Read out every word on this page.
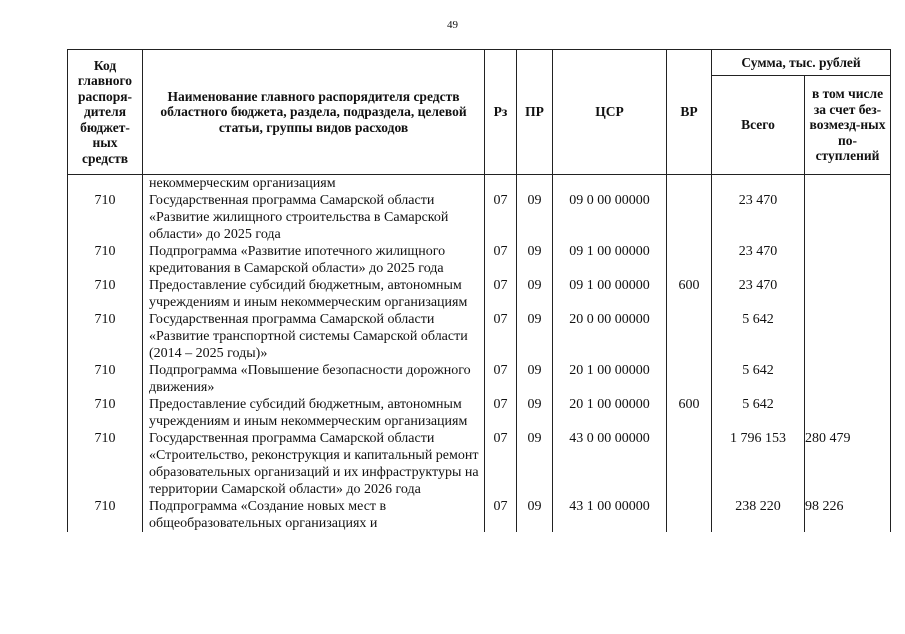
49
Код главного распоря-дителя бюджет-ных средств	Наименование главного распорядителя средств областного бюджета, раздела, подраздела, целевой статьи, группы видов расходов	Рз	ПР	ЦСР	ВР	Сумма, тыс. рублей	
						Всего	в том числе за счет без-возмезд-ных по-ступлений
	некоммерческим организациям						
710	Государственная программа Самарской области «Развитие жилищного строительства в Самарской области» до 2025 года	07	09	09 0 00 00000		23 470	
710	Подпрограмма «Развитие ипотечного жилищного кредитования в Самарской области» до 2025 года	07	09	09 1 00 00000		23 470	
710	Предоставление субсидий бюджетным, автономным учреждениям и иным некоммерческим организациям	07	09	09 1 00 00000	600	23 470	
710	Государственная программа Самарской области «Развитие транспортной системы Самарской области (2014 – 2025 годы)»	07	09	20 0 00 00000		5 642	
710	Подпрограмма «Повышение безопасности дорожного движения»	07	09	20 1 00 00000		5 642	
710	Предоставление субсидий бюджетным, автономным учреждениям и иным некоммерческим организациям	07	09	20 1 00 00000	600	5 642	
710	Государственная программа Самарской области «Строительство, реконструкция и капитальный ремонт образовательных организаций и их инфраструктуры на территории Самарской области» до 2026 года	07	09	43 0 00 00000		1 796 153	280 479
710	Подпрограмма «Создание новых мест в общеобразовательных организациях и	07	09	43 1 00 00000		238 220	98 226
